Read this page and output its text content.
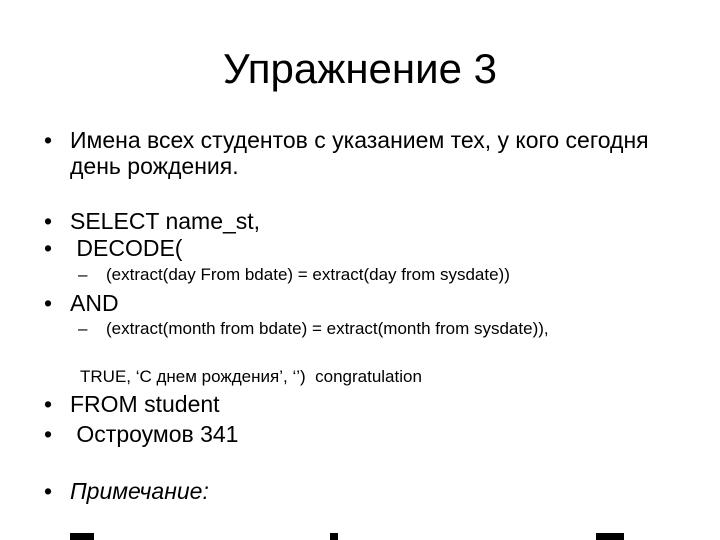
Упражнение 3
• Имена всех студентов с указанием тех, у кого сегодня
день рождения.
• SELECT name_st,
• DECODE(
– (extract(day From bdate) = extract(day from sysdate))
• AND
– (extract(month from bdate) = extract(month from sysdate)),
TRUE, ‘С днем рождения’, ‘’)  congratulation
• FROM student
• Остроумов 341
• Примечание:
